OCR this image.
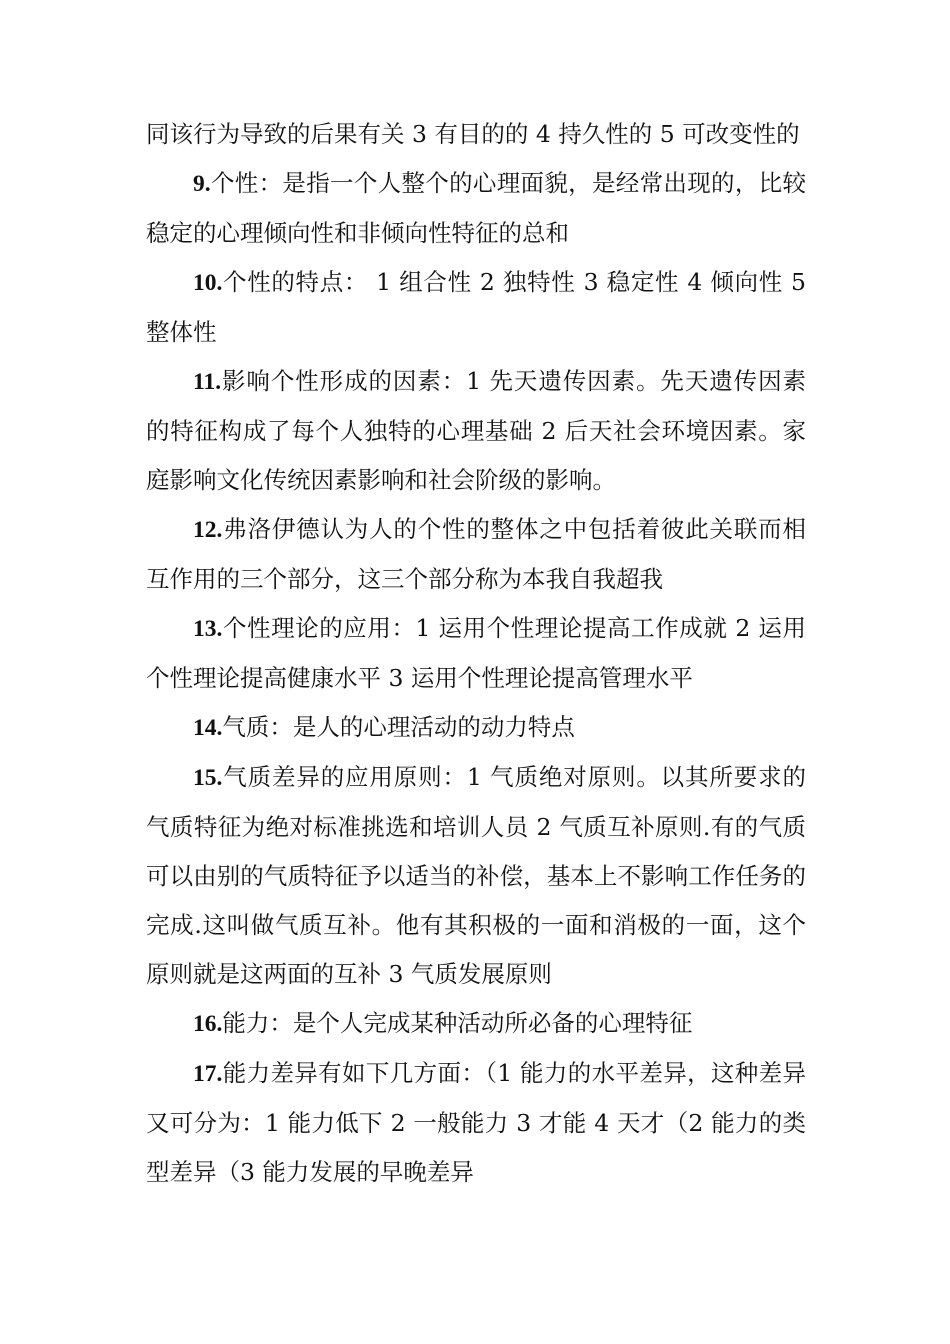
同该行为导致的后果有关 3 有目的的 4 持久性的 5 可改变性的

9.个性：是指一个人整个的心理面貌，是经常出现的，比较稳定的心理倾向性和非倾向性特征的总和

10.个性的特点： 1 组合性 2 独特性 3 稳定性 4 倾向性 5 整体性

11.影响个性形成的因素：1 先天遗传因素。先天遗传因素的特征构成了每个人独特的心理基础 2 后天社会环境因素。家庭影响文化传统因素影响和社会阶级的影响。

12.弗洛伊德认为人的个性的整体之中包括着彼此关联而相互作用的三个部分，这三个部分称为本我自我超我

13.个性理论的应用：1 运用个性理论提高工作成就 2 运用个性理论提高健康水平 3 运用个性理论提高管理水平

14.气质：是人的心理活动的动力特点

15.气质差异的应用原则：1 气质绝对原则。以其所要求的气质特征为绝对标准挑选和培训人员 2 气质互补原则.有的气质可以由别的气质特征予以适当的补偿，基本上不影响工作任务的完成.这叫做气质互补。他有其积极的一面和消极的一面，这个原则就是这两面的互补 3 气质发展原则

16.能力：是个人完成某种活动所必备的心理特征

17.能力差异有如下几方面：（1 能力的水平差异，这种差异又可分为：1 能力低下 2 一般能力 3 才能 4 天才（2 能力的类型差异（3 能力发展的早晚差异
